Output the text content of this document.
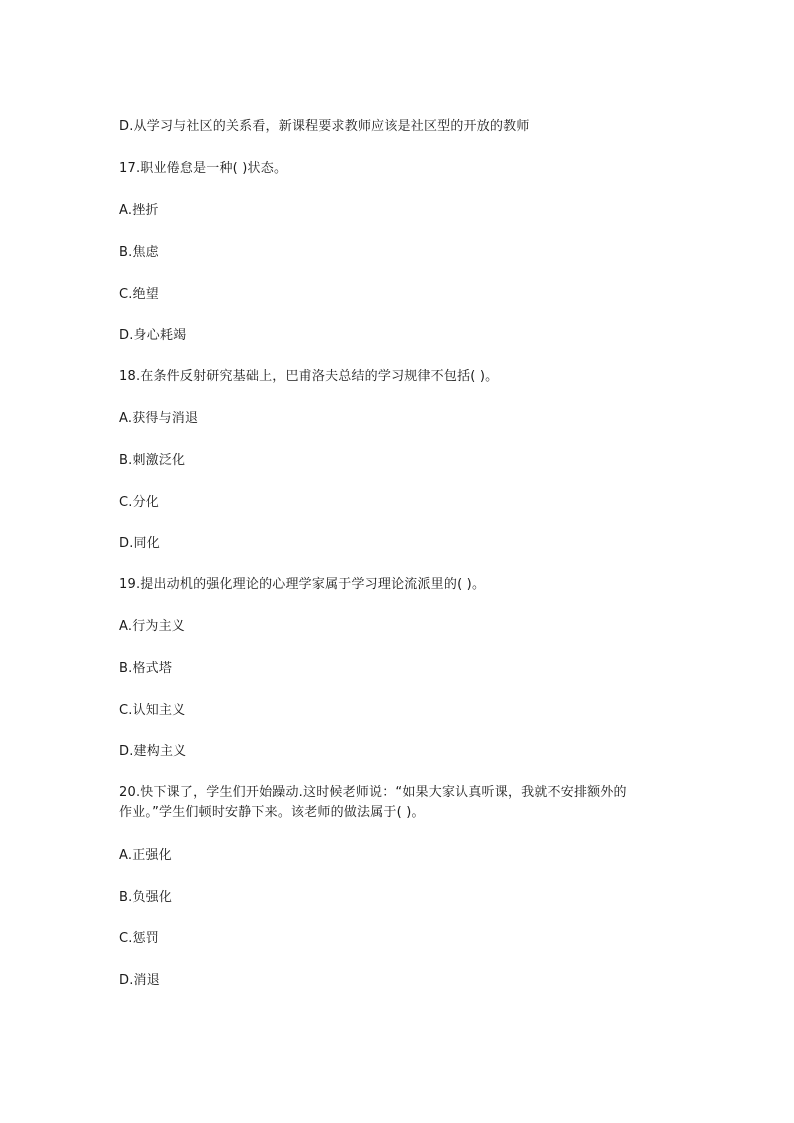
D.从学习与社区的关系看，新课程要求教师应该是社区型的开放的教师
17.职业倦怠是一种( )状态。
A.挫折
B.焦虑
C.绝望
D.身心耗竭
18.在条件反射研究基础上，巴甫洛夫总结的学习规律不包括( )。
A.获得与消退
B.刺激泛化
C.分化
D.同化
19.提出动机的强化理论的心理学家属于学习理论流派里的( )。
A.行为主义
B.格式塔
C.认知主义
D.建构主义
20.快下课了，学生们开始躁动.这时候老师说：“如果大家认真听课，我就不安排额外的
作业。”学生们顿时安静下来。该老师的做法属于( )。
A.正强化
B.负强化
C.惩罚
D.消退
